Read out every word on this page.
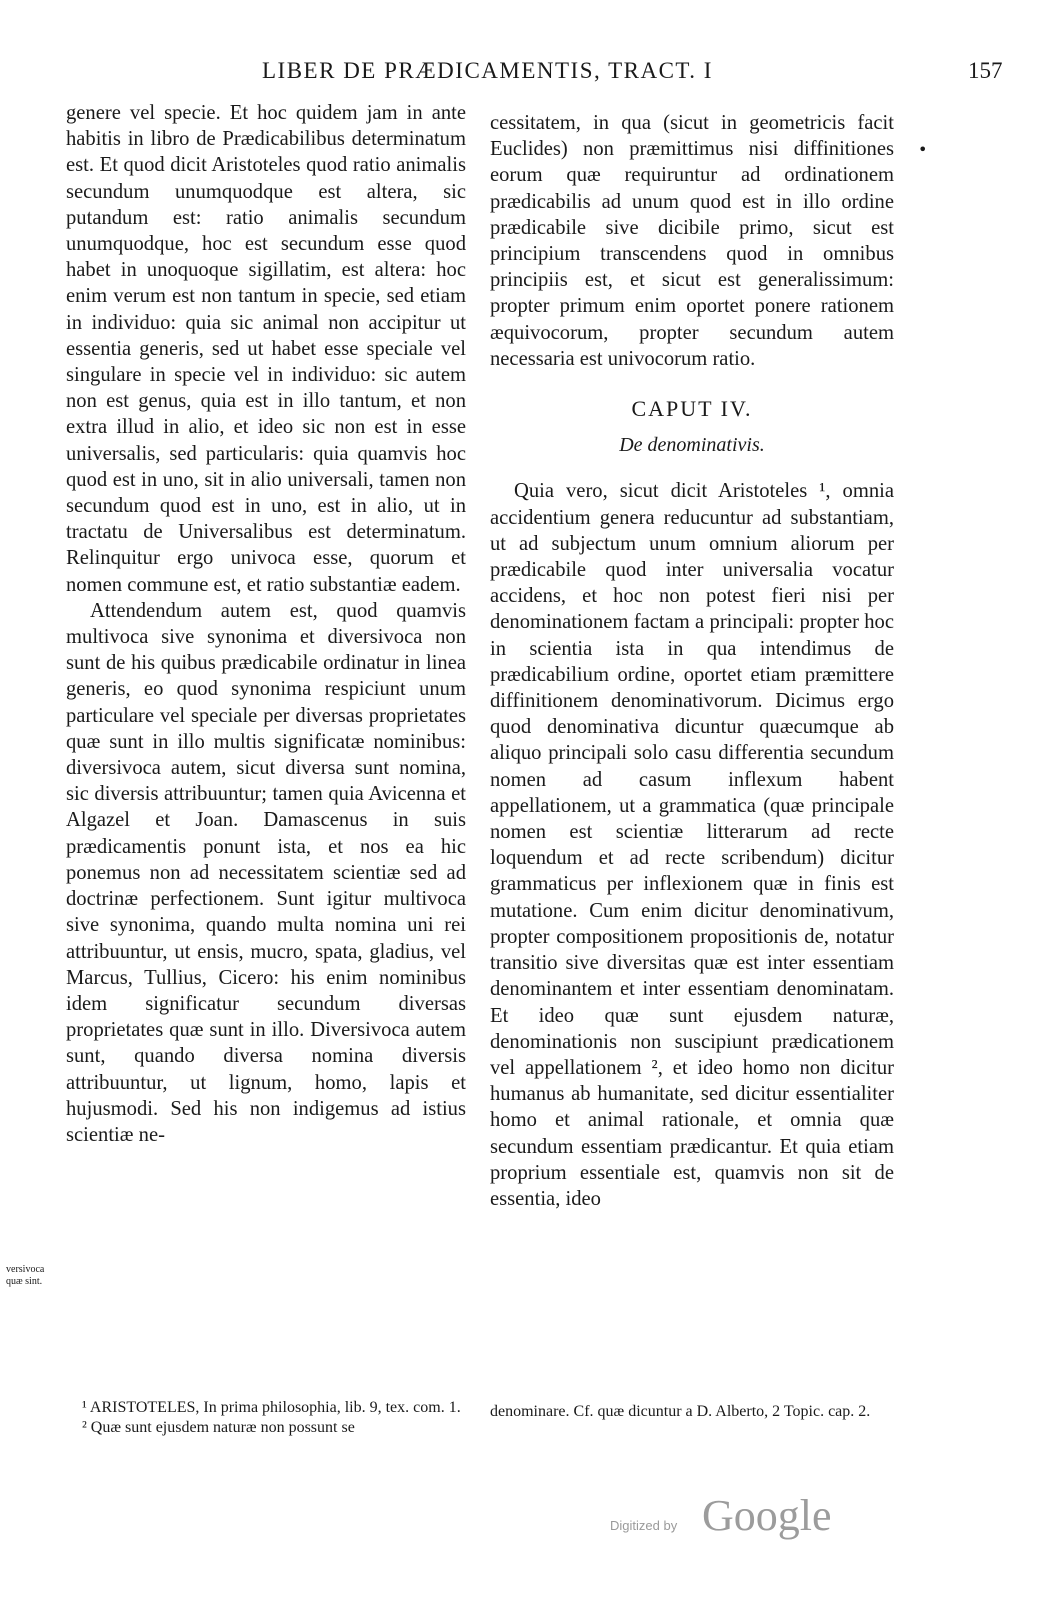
LIBER DE PRÆDICAMENTIS, TRACT. I	157

genere vel specie. Et hoc quidem jam in ante habitis in libro de Prædicabilibus determinatum est. Et quod dicit Aristoteles quod ratio animalis secundum unumquodque est altera, sic putandum est: ratio animalis secundum unumquodque, hoc est secundum esse quod habet in unoquoque sigillatim, est altera: hoc enim verum est non tantum in specie, sed etiam in individuo: quia sic animal non accipitur ut essentia generis, sed ut habet esse speciale vel singulare in specie vel in individuo: sic autem non est genus, quia est in illo tantum, et non extra illud in alio, et ideo sic non est in esse universalis, sed particularis: quia quamvis hoc quod est in uno, sit in alio universali, tamen non secundum quod est in uno, est in alio, ut in tractatu de Universalibus est determinatum. Relinquitur ergo univoca esse, quorum et nomen commune est, et ratio substantiæ eadem.

Attendendum autem est, quod quamvis multivoca sive synonima et diversivoca non sunt de his quibus prædicabile ordinatur in linea generis, eo quod synonima respiciunt unum particulare vel speciale per diversas proprietates quæ sunt in illo multis significatæ nominibus: diversivoca autem, sicut diversa sunt nomina, sic diversis attribuuntur; tamen quia Avicenna et Algazel et Joan. Damascenus in suis prædicamentis ponunt ista, et nos ea hic ponemus non ad necessitatem scientiæ sed ad doctrinæ perfectionem. Sunt igitur multivoca sive synonima, quando multa nomina uni rei attribuuntur, ut ensis, mucro, spata, gladius, vel Marcus, Tullius, Cicero: his enim nominibus idem significatur secundum diversas proprietates quæ sunt in illo. Diversivoca autem sunt, quando diversa nomina diversis attribuuntur, ut lignum, homo, lapis et hujusmodi. Sed his non indigemus ad istius scientiæ ne-

cessitatem, in qua (sicut in geometricis facit Euclides) non præmittimus nisi diffinitiones eorum quæ requiruntur ad ordinationem prædicabilis ad unum quod est in illo ordine prædicabile sive dicibile primo, sicut est principium transcendens quod in omnibus principiis est, et sicut est generalissimum: propter primum enim oportet ponere rationem æquivocorum, propter secundum autem necessaria est univocorum ratio.

CAPUT IV.
De denominativis.

Quia vero, sicut dicit Aristoteles ¹, omnia accidentium genera reducuntur ad substantiam, ut ad subjectum unum omnium aliorum per prædicabile quod inter universalia vocatur accidens, et hoc non potest fieri nisi per denominationem factam a principali: propter hoc in scientia ista in qua intendimus de prædicabilium ordine, oportet etiam præmittere diffinitionem denominativorum. Dicimus ergo quod denominativa dicuntur quæcumque ab aliquo principali solo casu differentia secundum nomen ad casum inflexum habent appellationem, ut a grammatica (quæ principale nomen est scientiæ litterarum ad recte loquendum et ad recte scribendum) dicitur grammaticus per inflexionem quæ in finis est mutatione. Cum enim dicitur denominativum, propter compositionem propositionis de, notatur transitio sive diversitas quæ est inter essentiam denominantem et inter essentiam denominatam. Et ideo quæ sunt ejusdem naturæ, denominationis non suscipiunt prædicationem vel appellationem ², et ideo homo non dicitur humanus ab humanitate, sed dicitur essentialiter homo et animal rationale, et omnia quæ secundum essentiam prædicantur. Et quia etiam proprium essentiale est, quamvis non sit de essentia, ideo

¹ ARISTOTELES, In prima philosophia, lib. 9, tex. com. 1.

² Quæ sunt ejusdem naturæ non possunt se

denominare. Cf. quæ dicuntur a D. Alberto, 2 Topic. cap. 2.

versivoca quæ sint.
•
Digitized by Google
